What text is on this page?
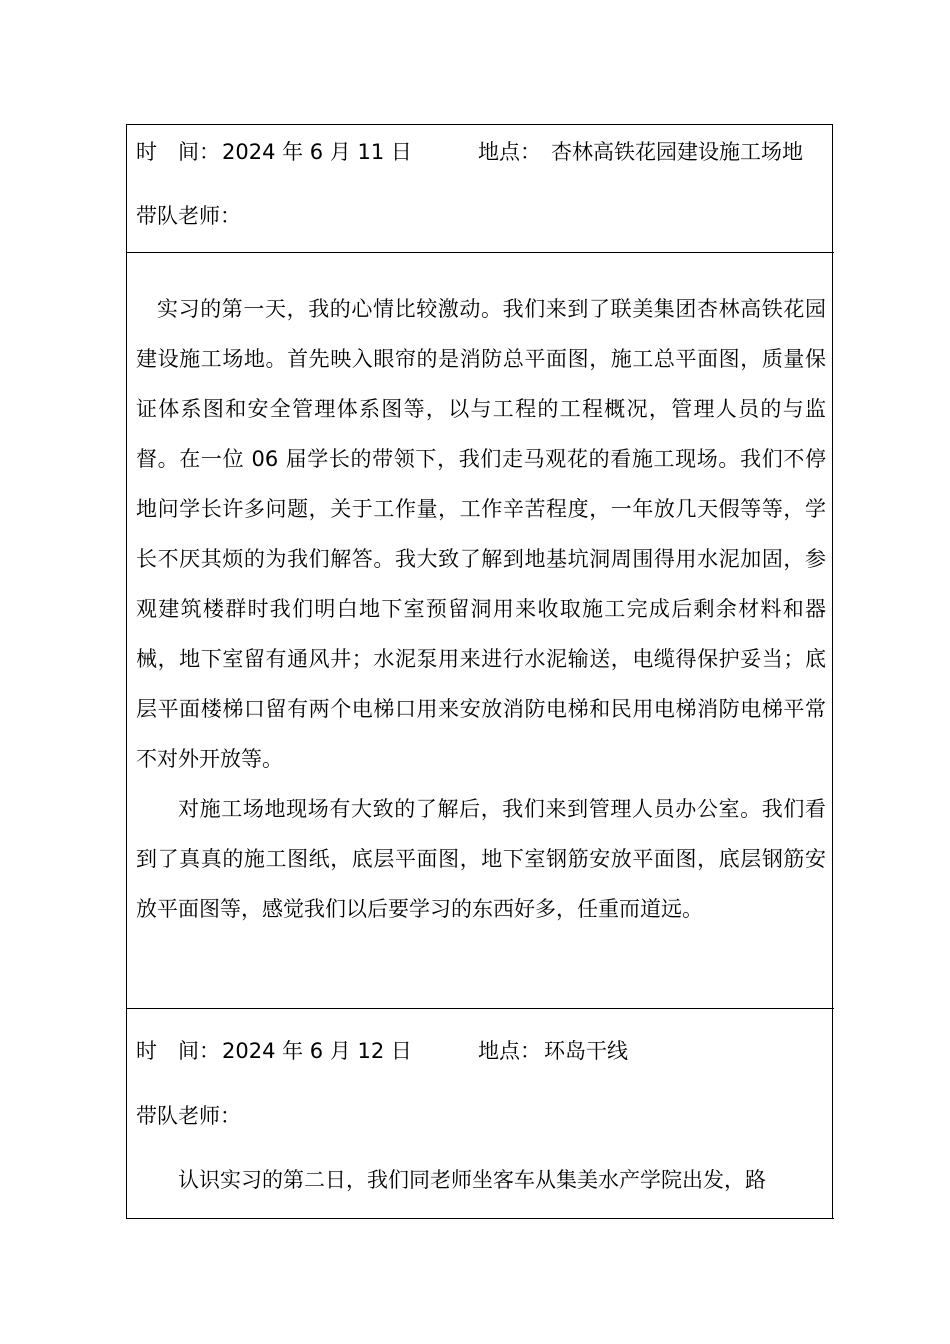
时　间： 2024 年 6 月 11 日	地点： 杏林高铁花园建设施工场地
带队老师：
实习的第一天，我的心情比较激动。我们来到了联美集团杏林高铁花园建设施工场地。首先映入眼帘的是消防总平面图，施工总平面图，质量保证体系图和安全管理体系图等，以与工程的工程概况，管理人员的与监督。在一位 06 届学长的带领下，我们走马观花的看施工现场。我们不停地问学长许多问题，关于工作量，工作辛苦程度，一年放几天假等等，学长不厌其烦的为我们解答。我大致了解到地基坑洞周围得用水泥加固，参观建筑楼群时我们明白地下室预留洞用来收取施工完成后剩余材料和器械，地下室留有通风井；水泥泵用来进行水泥输送，电缆得保护妥当；底层平面楼梯口留有两个电梯口用来安放消防电梯和民用电梯消防电梯平常不对外开放等。
对施工场地现场有大致的了解后，我们来到管理人员办公室。我们看到了真真的施工图纸，底层平面图，地下室钢筋安放平面图，底层钢筋安放平面图等，感觉我们以后要学习的东西好多，任重而道远。
时　间： 2024 年 6 月 12 日	地点： 环岛干线
带队老师：
认识实习的第二日，我们同老师坐客车从集美水产学院出发，路
